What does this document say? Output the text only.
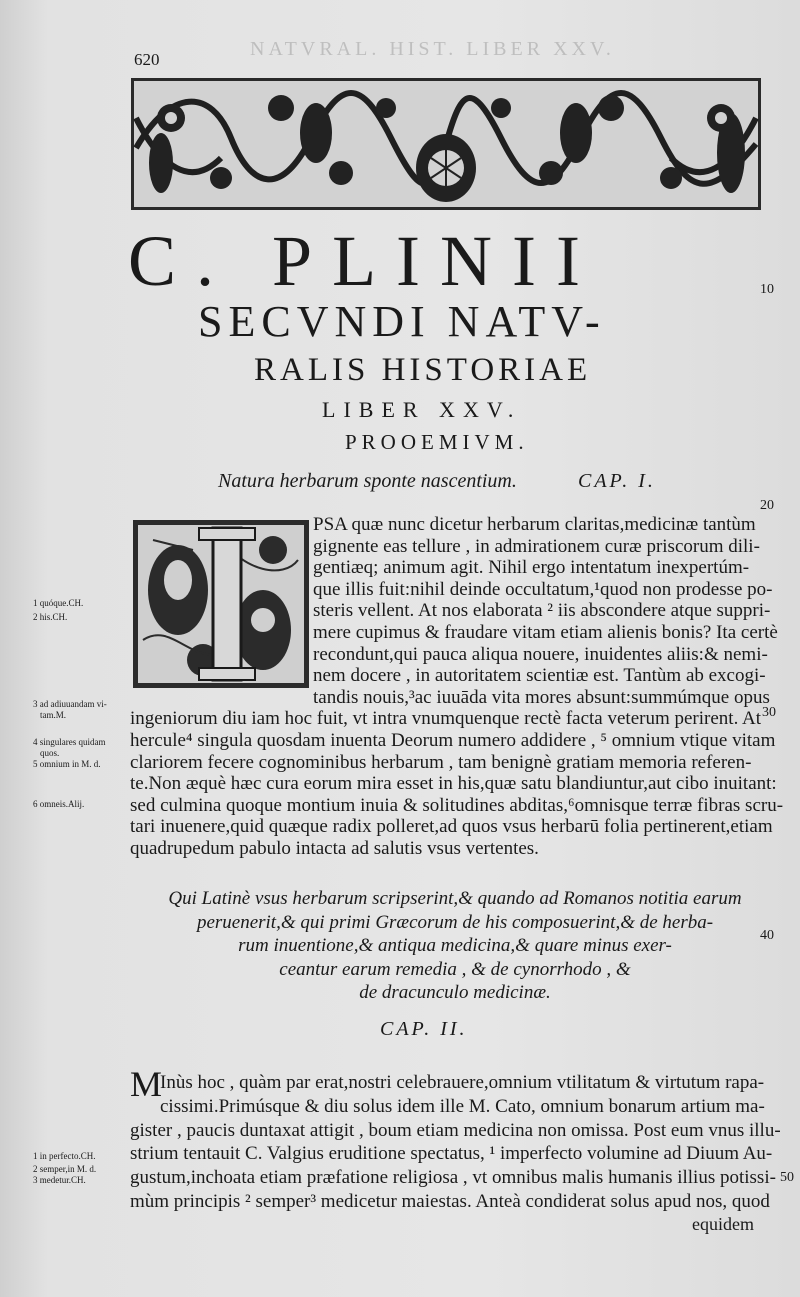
620	NATVRAL. HIST. LIBER XXV.
C. PLINII	10
SECVNDI NATV-
RALIS HISTORIAE
LIBER XXV.
PROOEMIVM.
Natura herbarum sponte nascentium.	CAP. I.
20
PSA quæ nunc dicetur herbarum claritas,medicinæ tantùm
gignente eas tellure , in admirationem curæ priscorum dili-
gentiæq; animum agit. Nihil ergo intentatum inexpertúm-
que illis fuit:nihil deinde occultatum,¹quod non prodesse po-
steris vellent. At nos elaborata ² iis abscondere atque suppri-
mere cupimus & fraudare vitam etiam alienis bonis? Ita certè
recondunt,qui pauca aliqua nouere, inuidentes aliis:& nemi-
nem docere , in autoritatem scientiæ est. Tantùm ab excogi-
tandis nouis,³ac iuuāda vita mores absunt:summúmque opus
ingeniorum diu iam hoc fuit, vt intra vnumquenque rectè facta veterum perirent. At
hercule⁴ singula quosdam inuenta Deorum numero addidere , ⁵ omnium vtique vitam
clariorem fecere cognominibus herbarum , tam benignè gratiam memoria referen-
te.Non æquè hæc cura eorum mira esset in his,quæ satu blandiuntur,aut cibo inuitant:
sed culmina quoque montium inuia & solitudines abditas,⁶omnisque terræ fibras scru-
tari inuenere,quid quæque radix polleret,ad quos vsus herbarū folia pertinerent,etiam
quadrupedum pabulo intacta ad salutis vsus vertentes.
30
1 quóque.CH.
2 his.CH.
3 ad adiuuandam vi-
tam.M.
4 singulares quidam
quos.
5 omnium in M. d.
6 omneis.Alij.
Qui Latinè vsus herbarum scripserint,& quando ad Romanos notitia earum
peruenerit,& qui primi Græcorum de his composuerint,& de herba-
rum inuentione,& antiqua medicina,& quare minus exer-
ceantur earum remedia , & de cynorrhodo , &
de dracunculo medicinæ.
40
CAP. II.
M
Inùs hoc , quàm par erat,nostri celebrauere,omnium vtilitatum & virtutum rapa-
cissimi.Primúsque & diu solus idem ille M. Cato, omnium bonarum artium ma-
gister , paucis duntaxat attigit , boum etiam medicina non omissa. Post eum vnus illu-
strium tentauit C. Valgius eruditione spectatus, ¹ imperfecto volumine ad Diuum Au-
gustum,inchoata etiam præfatione religiosa , vt omnibus malis humanis illius potissi-
mùm principis ² semper³ medicetur maiestas. Anteà condiderat solus apud nos, quod
equidem
50
1 in perfecto.CH.
2 semper,in M. d.
3 medetur.CH.
